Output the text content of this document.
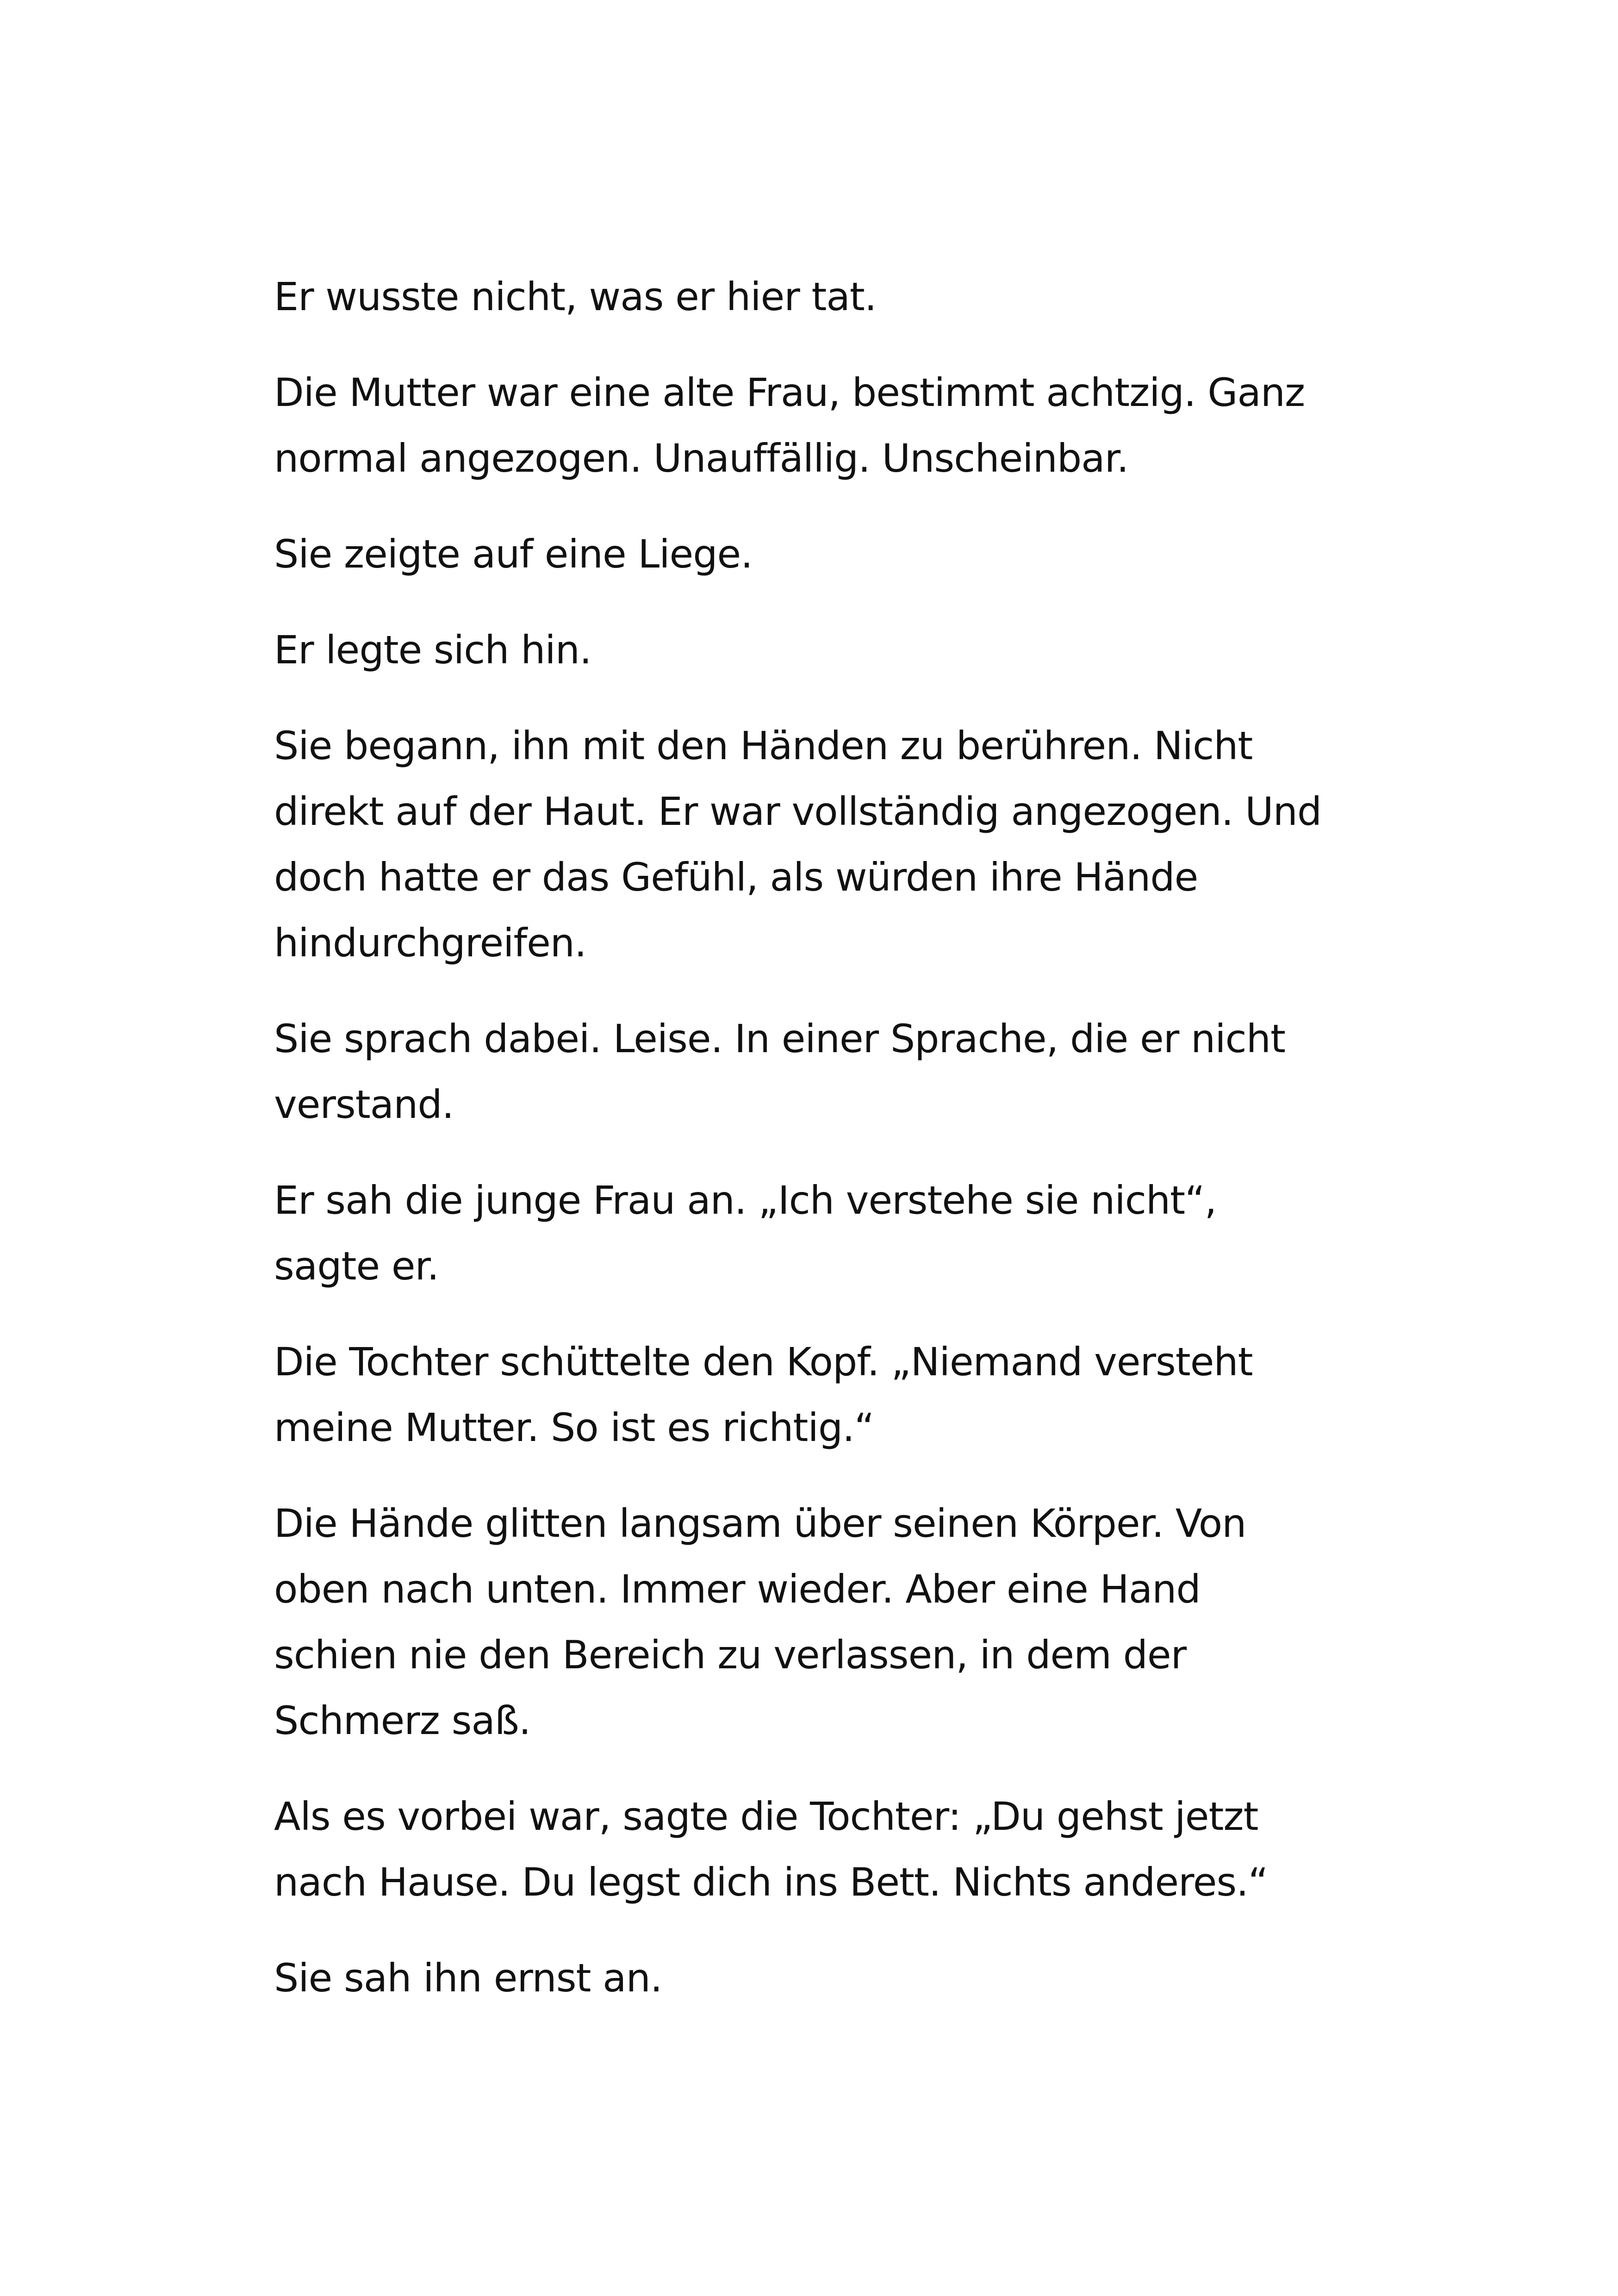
Er wusste nicht, was er hier tat.

Die Mutter war eine alte Frau, bestimmt achtzig. Ganz
normal angezogen. Unauffällig. Unscheinbar.

Sie zeigte auf eine Liege.

Er legte sich hin.

Sie begann, ihn mit den Händen zu berühren. Nicht
direkt auf der Haut. Er war vollständig angezogen. Und
doch hatte er das Gefühl, als würden ihre Hände
hindurchgreifen.

Sie sprach dabei. Leise. In einer Sprache, die er nicht
verstand.

Er sah die junge Frau an. „Ich verstehe sie nicht“,
sagte er.

Die Tochter schüttelte den Kopf. „Niemand versteht
meine Mutter. So ist es richtig.“

Die Hände glitten langsam über seinen Körper. Von
oben nach unten. Immer wieder. Aber eine Hand
schien nie den Bereich zu verlassen, in dem der
Schmerz saß.

Als es vorbei war, sagte die Tochter: „Du gehst jetzt
nach Hause. Du legst dich ins Bett. Nichts anderes.“

Sie sah ihn ernst an.
